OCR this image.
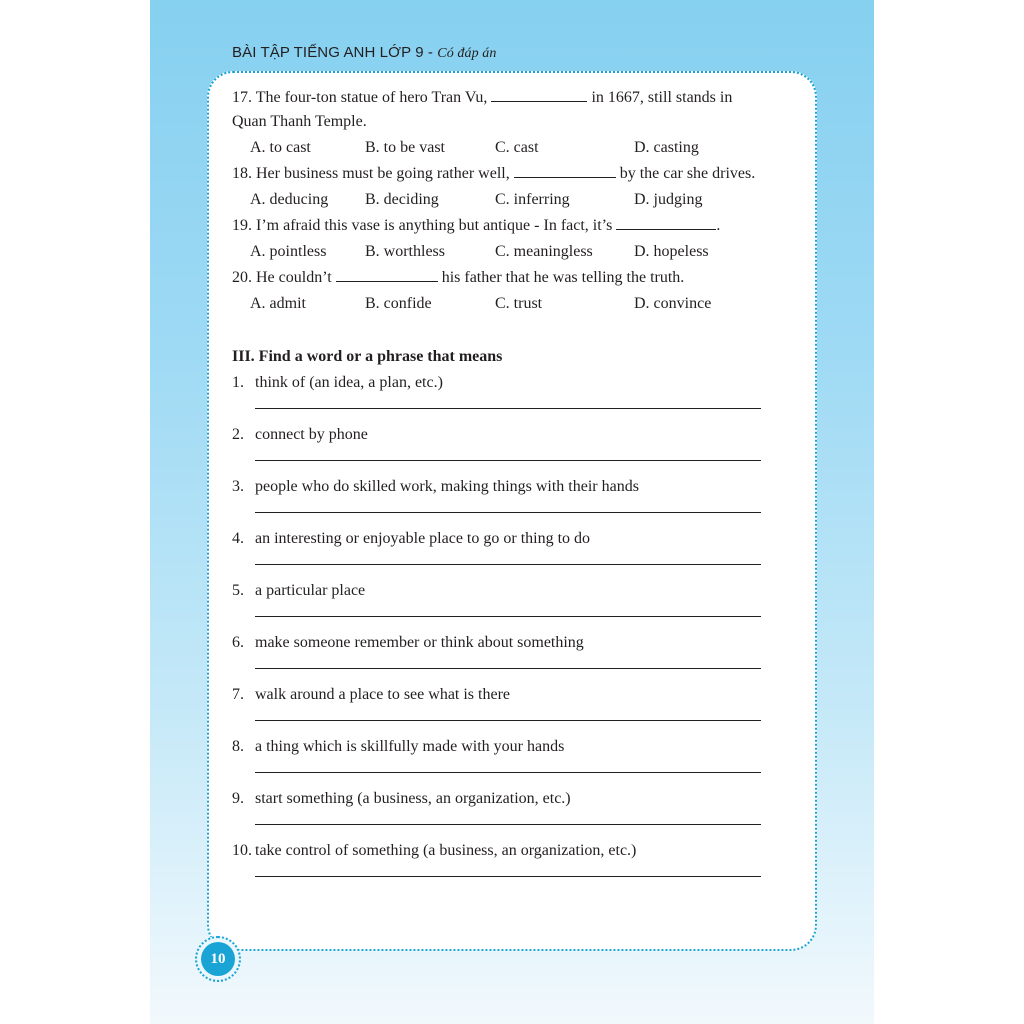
BÀI TẬP TIẾNG ANH LỚP 9 - Có đáp án

17. The four-ton statue of hero Tran Vu,	in 1667, still stands in

Quan Thanh Temple.

A. to cast	B. to be vast	C. cast	D. casting

18. Her business must be going rather well,	by the car she drives.

A. deducing B. deciding	C. inferring	D. judging

19. I’m afraid this vase is anything but antique - In fact, it’s	.

A. pointless B. worthless	C. meaningless	D. hopeless

20. He couldn’t	his father that he was telling the truth.

A. admit	B. confide	C. trust	D. convince
III. Find a word or a phrase that means
1. think of (an idea, a plan, etc.)
2. connect by phone
3. people who do skilled work, making things with their hands
4. an interesting or enjoyable place to go or thing to do
5. a particular place
6. make someone remember or think about something
7. walk around a place to see what is there
8. a thing which is skillfully made with your hands
9. start something (a business, an organization, etc.)
10. take control of something (a business, an organization, etc.)
10
